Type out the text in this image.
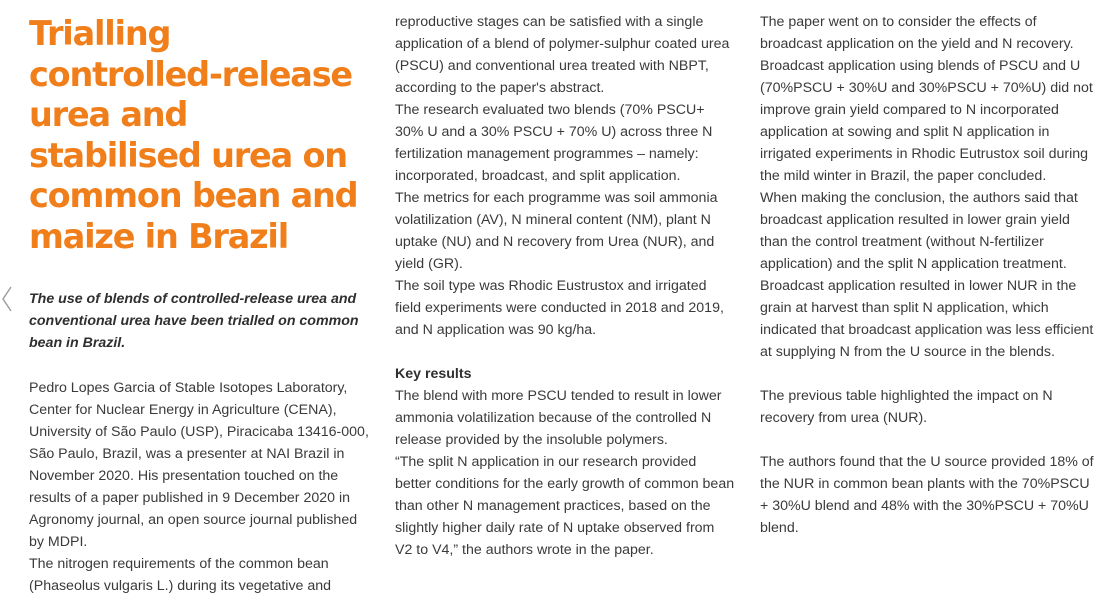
Trialling controlled-release urea and stabilised urea on common bean and maize in Brazil

The use of blends of controlled-release urea and conventional urea have been trialled on common bean in Brazil.

Pedro Lopes Garcia of Stable Isotopes Laboratory, Center for Nuclear Energy in Agriculture (CENA), University of São Paulo (USP), Piracicaba 13416-000, São Paulo, Brazil, was a presenter at NAI Brazil in November 2020. His presentation touched on the results of a paper published in 9 December 2020 in Agronomy journal, an open source journal published by MDPI.

The nitrogen requirements of the common bean (Phaseolus vulgaris L.) during its vegetative and

reproductive stages can be satisfied with a single application of a blend of polymer-sulphur coated urea (PSCU) and conventional urea treated with NBPT, according to the paper's abstract.

The research evaluated two blends (70% PSCU+ 30% U and a 30% PSCU + 70% U) across three N fertilization management programmes – namely: incorporated, broadcast, and split application.

The metrics for each programme was soil ammonia volatilization (AV), N mineral content (NM), plant N uptake (NU) and N recovery from Urea (NUR), and yield (GR).

The soil type was Rhodic Eustrustox and irrigated field experiments were conducted in 2018 and 2019, and N application was 90 kg/ha.

Key results

The blend with more PSCU tended to result in lower ammonia volatilization because of the controlled N release provided by the insoluble polymers.

“The split N application in our research provided better conditions for the early growth of common bean than other N management practices, based on the slightly higher daily rate of N uptake observed from V2 to V4,” the authors wrote in the paper.

The paper went on to consider the effects of broadcast application on the yield and N recovery. Broadcast application using blends of PSCU and U (70%PSCU + 30%U and 30%PSCU + 70%U) did not improve grain yield compared to N incorporated application at sowing and split N application in irrigated experiments in Rhodic Eutrustox soil during the mild winter in Brazil, the paper concluded.

When making the conclusion, the authors said that broadcast application resulted in lower grain yield than the control treatment (without N-fertilizer application) and the split N application treatment. Broadcast application resulted in lower NUR in the grain at harvest than split N application, which indicated that broadcast application was less efficient at supplying N from the U source in the blends.

The previous table highlighted the impact on N recovery from urea (NUR).

The authors found that the U source provided 18% of the NUR in common bean plants with the 70%PSCU + 30%U blend and 48% with the 30%PSCU + 70%U blend.
